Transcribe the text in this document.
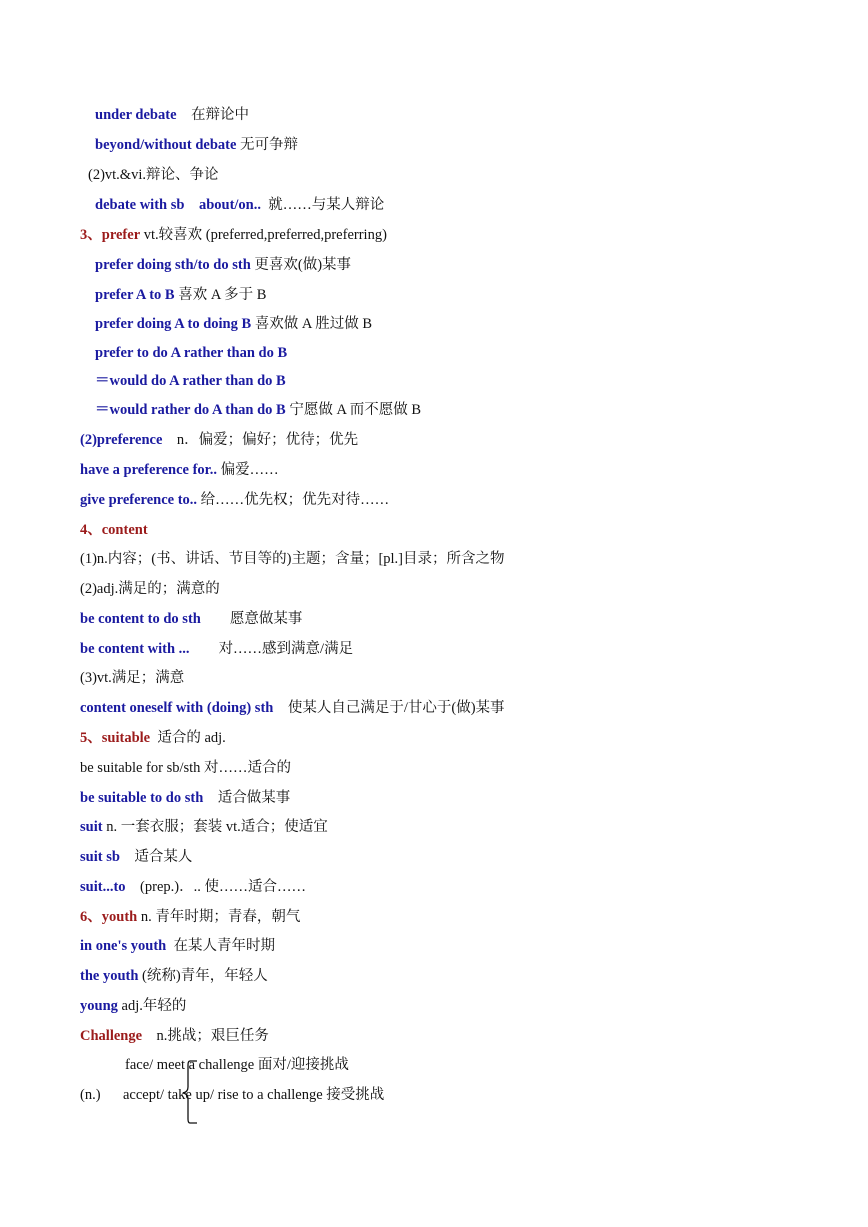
under debate 在辩论中
beyond/without debate 无可争辩
(2)vt.&vi.辩论、争论
debate with sb about/on.. 就……与某人辩论
3、prefer vt.较喜欢 (preferred,preferred,preferring)
prefer doing sth/to do sth 更喜欢(做)某事
prefer A to B 喜欢 A 多于 B
prefer doing A to doing B 喜欢做 A 胜过做 B
prefer to do A rather than do B
＝would do A rather than do B
＝would rather do A than do B 宁愿做 A 而不愿做 B
(2)preference n．偏爱；偏好；优待；优先
have a preference for.. 偏爱……
give preference to.. 给……优先权；优先对待……
4、content
(1)n.内容；(书、讲话、节目等的)主题；含量；[pl.]目录；所含之物
(2)adj.满足的；满意的
be content to do sth 愿意做某事
be content with ... 对……感到满意/满足
(3)vt.满足；满意
content oneself with (doing) sth 使某人自己满足于/甘心于(做)某事
5、suitable 适合的 adj.
be suitable for sb/sth 对……适合的
be suitable to do sth 适合做某事
suit n. 一套衣服；套装 vt.适合；使适宜
suit sb 适合某人
suit...to (prep.)．.. 使……适合……
6、youth n. 青年时期；青春，朝气
in one's youth 在某人青年时期
the youth (统称)青年，年轻人
young adj.年轻的
Challenge n.挑战；艰巨任务
(n.)
face/ meet a challenge 面对/迎接挑战
accept/ take up/ rise to a challenge 接受挑战
